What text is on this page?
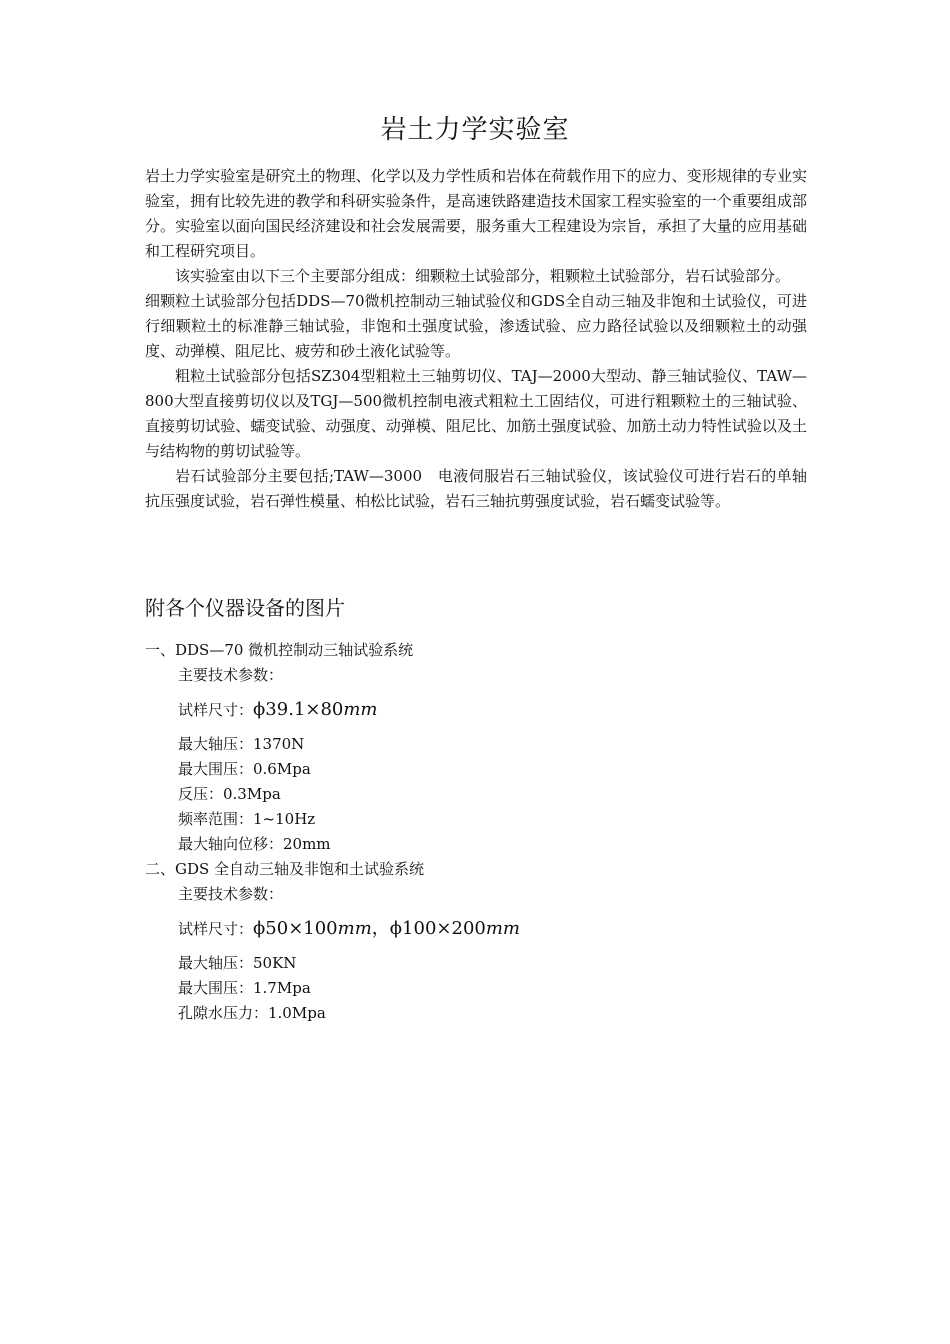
岩土力学实验室

岩土力学实验室是研究土的物理、化学以及力学性质和岩体在荷载作用下的应力、变形规律的专业实验室，拥有比较先进的教学和科研实验条件，是高速铁路建造技术国家工程实验室的一个重要组成部分。实验室以面向国民经济建设和社会发展需要，服务重大工程建设为宗旨，承担了大量的应用基础和工程研究项目。

该实验室由以下三个主要部分组成：细颗粒土试验部分，粗颗粒土试验部分，岩石试验部分。

细颗粒土试验部分包括DDS—70微机控制动三轴试验仪和GDS全自动三轴及非饱和土试验仪，可进行细颗粒土的标准静三轴试验，非饱和土强度试验，渗透试验、应力路径试验以及细颗粒土的动强度、动弹模、阻尼比、疲劳和砂土液化试验等。

粗粒土试验部分包括SZ304型粗粒土三轴剪切仪、TAJ—2000大型动、静三轴试验仪、TAW—800大型直接剪切仪以及TGJ—500微机控制电液式粗粒土工固结仪，可进行粗颗粒土的三轴试验、直接剪切试验、蠕变试验、动强度、动弹模、阻尼比、加筋土强度试验、加筋土动力特性试验以及土与结构物的剪切试验等。

岩石试验部分主要包括;TAW—3000　电液伺服岩石三轴试验仪，该试验仪可进行岩石的单轴抗压强度试验，岩石弹性模量、柏松比试验，岩石三轴抗剪强度试验，岩石蠕变试验等。

附各个仪器设备的图片

一、DDS—70 微机控制动三轴试验系统

主要技术参数：

试样尺寸：ϕ39.1×80mm

最大轴压：1370N

最大围压：0.6Mpa

反压：0.3Mpa

频率范围：1~10Hz

最大轴向位移：20mm

二、GDS 全自动三轴及非饱和土试验系统

主要技术参数：

试样尺寸：ϕ50×100mm，ϕ100×200mm

最大轴压：50KN

最大围压：1.7Mpa

孔隙水压力：1.0Mpa
